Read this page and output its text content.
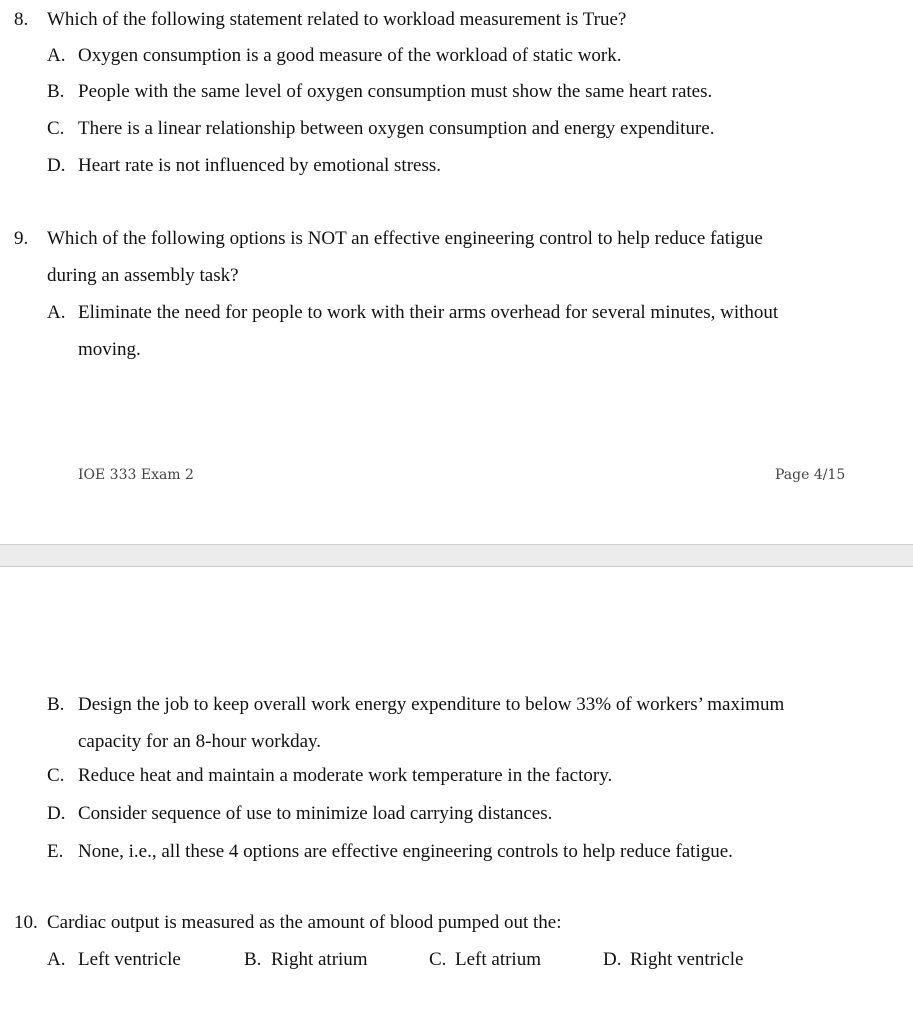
8. Which of the following statement related to workload measurement is True?
A. Oxygen consumption is a good measure of the workload of static work.
B. People with the same level of oxygen consumption must show the same heart rates.
C. There is a linear relationship between oxygen consumption and energy expenditure.
D. Heart rate is not influenced by emotional stress.
9. Which of the following options is NOT an effective engineering control to help reduce fatigue
during an assembly task?
A. Eliminate the need for people to work with their arms overhead for several minutes, without
moving.
IOE 333 Exam 2	Page 4/15
B. Design the job to keep overall work energy expenditure to below 33% of workers’ maximum
capacity for an 8-hour workday.
C. Reduce heat and maintain a moderate work temperature in the factory.
D. Consider sequence of use to minimize load carrying distances.
E. None, i.e., all these 4 options are effective engineering controls to help reduce fatigue.
10. Cardiac output is measured as the amount of blood pumped out the:
A. Left ventricle	B. Right atrium	C. Left atrium	D. Right ventricle
